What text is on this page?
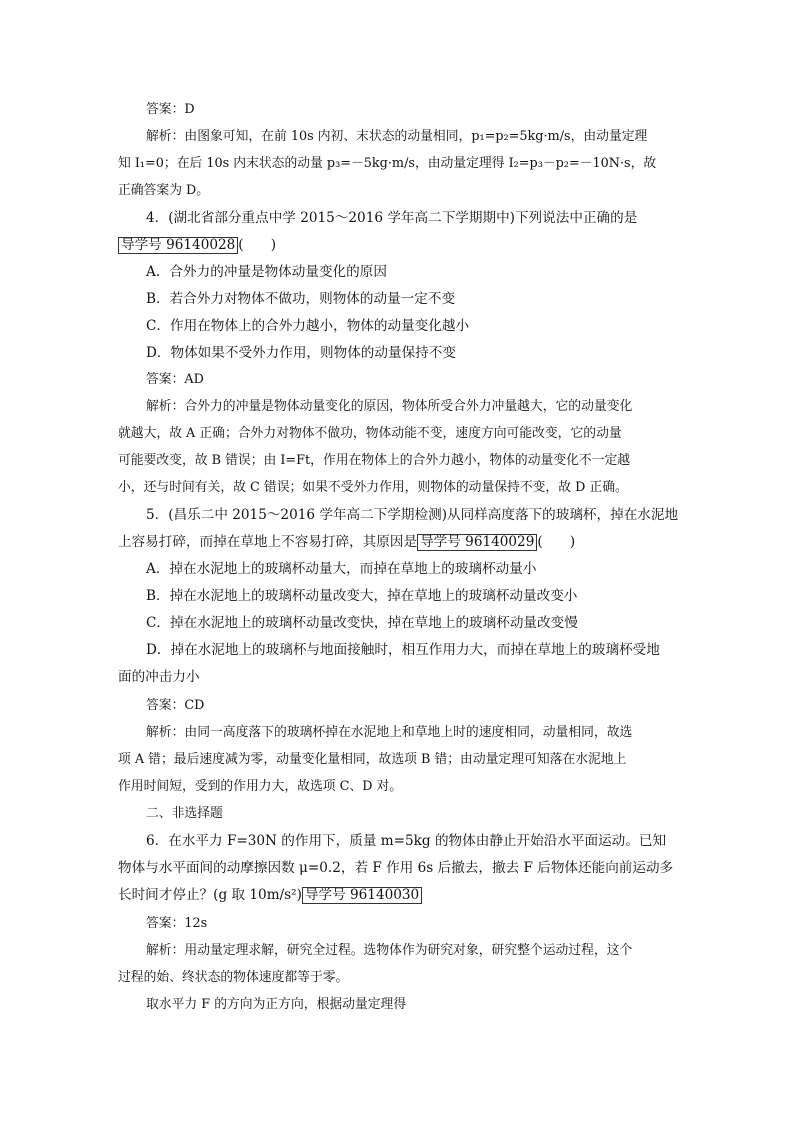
答案：D
解析：由图象可知，在前 10s 内初、末状态的动量相同，p₁=p₂=5kg·m/s，由动量定理
知 I₁=0；在后 10s 内末状态的动量 p₃=－5kg·m/s，由动量定理得 I₂=p₃－p₂=－10N·s，故
正确答案为 D。
4．(湖北省部分重点中学 2015～2016 学年高二下学期期中)下列说法中正确的是
导学号 96140028 (　　)
A．合外力的冲量是物体动量变化的原因
B．若合外力对物体不做功，则物体的动量一定不变
C．作用在物体上的合外力越小，物体的动量变化越小
D．物体如果不受外力作用，则物体的动量保持不变
答案：AD
解析：合外力的冲量是物体动量变化的原因，物体所受合外力冲量越大，它的动量变化
就越大，故 A 正确；合外力对物体不做功，物体动能不变，速度方向可能改变，它的动量
可能要改变，故 B 错误；由 I=Ft，作用在物体上的合外力越小，物体的动量变化不一定越
小，还与时间有关，故 C 错误；如果不受外力作用，则物体的动量保持不变，故 D 正确。
5．(昌乐二中 2015～2016 学年高二下学期检测)从同样高度落下的玻璃杯，掉在水泥地
上容易打碎，而掉在草地上不容易打碎，其原因是 导学号 96140029 (　　)
A．掉在水泥地上的玻璃杯动量大，而掉在草地上的玻璃杯动量小
B．掉在水泥地上的玻璃杯动量改变大，掉在草地上的玻璃杯动量改变小
C．掉在水泥地上的玻璃杯动量改变快，掉在草地上的玻璃杯动量改变慢
D．掉在水泥地上的玻璃杯与地面接触时，相互作用力大，而掉在草地上的玻璃杯受地
面的冲击力小
答案：CD
解析：由同一高度落下的玻璃杯掉在水泥地上和草地上时的速度相同，动量相同，故选
项 A 错；最后速度减为零，动量变化量相同，故选项 B 错；由动量定理可知落在水泥地上
作用时间短，受到的作用力大，故选项 C、D 对。
二、非选择题
6．在水平力 F=30N 的作用下，质量 m=5kg 的物体由静止开始沿水平面运动。已知
物体与水平面间的动摩擦因数 μ=0.2，若 F 作用 6s 后撤去，撤去 F 后物体还能向前运动多
长时间才停止？(g 取 10m/s²) 导学号 96140030
答案：12s
解析：用动量定理求解，研究全过程。选物体作为研究对象，研究整个运动过程，这个
过程的始、终状态的物体速度都等于零。
取水平力 F 的方向为正方向，根据动量定理得
